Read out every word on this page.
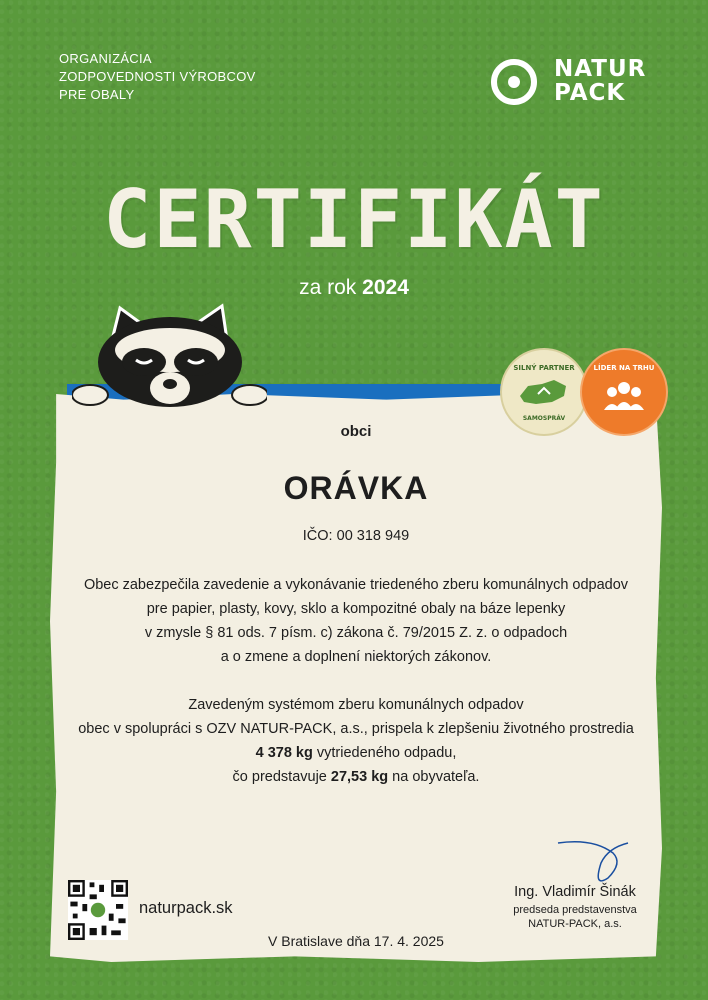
ORGANIZÁCIA
ZODPOVEDNOSTI VÝROBCOV
PRE OBALY
NATUR
PACK
CERTIFIKÁT
za rok 2024
SILNÝ PARTNER
SAMOSPRÁV
LÍDER NA TRHU
obci
ORÁVKA
IČO: 00 318 949
Obec zabezpečila zavedenie a vykonávanie triedeného zberu komunálnych odpadov
pre papier, plasty, kovy, sklo a kompozitné obaly na báze lepenky
v zmysle § 81 ods. 7 písm. c) zákona č. 79/2015 Z. z. o odpadoch
a o zmene a doplnení niektorých zákonov.
Zavedeným systémom zberu komunálnych odpadov
obec v spolupráci s OZV NATUR-PACK, a.s., prispela k zlepšeniu životného prostredia
4 378 kg vytriedeného odpadu,
čo predstavuje 27,53 kg na obyvateľa.
naturpack.sk
Ing. Vladimír Šinák
predseda predstavenstva
NATUR-PACK, a.s.
V Bratislave dňa 17. 4. 2025
